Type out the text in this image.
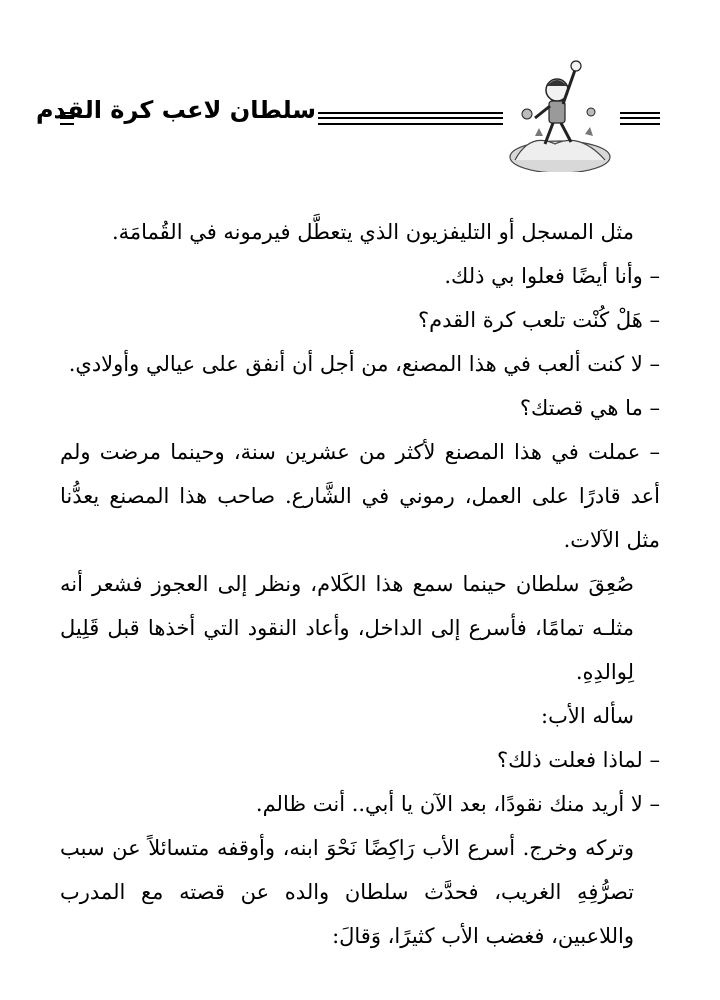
سلطان لاعب كرة القدم

مثل المسجل أو التليفزيون الذي يتعطَّل فيرمونه في القُمامَة.

– وأنا أيضًا فعلوا بي ذلك.

– هَلْ كُنْت تلعب كرة القدم؟

– لا كنت ألعب في هذا المصنع، من أجل أن أنفق على عيالي وأولادي.

– ما هي قصتك؟

– عملت في هذا المصنع لأكثر من عشرين سنة، وحينما مرضت ولم أعد قادرًا على العمل، رموني في الشَّارع. صاحب هذا المصنع يعدُّنا مثل الآلات.

صُعِقَ سلطان حينما سمع هذا الكَلام، ونظر إلى العجوز فشعر أنه مثلـه تمامًا، فأسرع إلى الداخل، وأعاد النقود التي أخذها قبل قَلِيل لِوالدِهِ.

سأله الأب:

– لماذا فعلت ذلك؟

– لا أريد منك نقودًا، بعد الآن يا أبي.. أنت ظالم.

وتركه وخرج. أسرع الأب رَاكِضًا نَحْوَ ابنه، وأوقفه متسائلاً عن سبب تصرُّفِهِ الغريب، فحدَّث سلطان والده عن قصته مع المدرب واللاعبين، فغضب الأب كثيرًا، وَقالَ:
